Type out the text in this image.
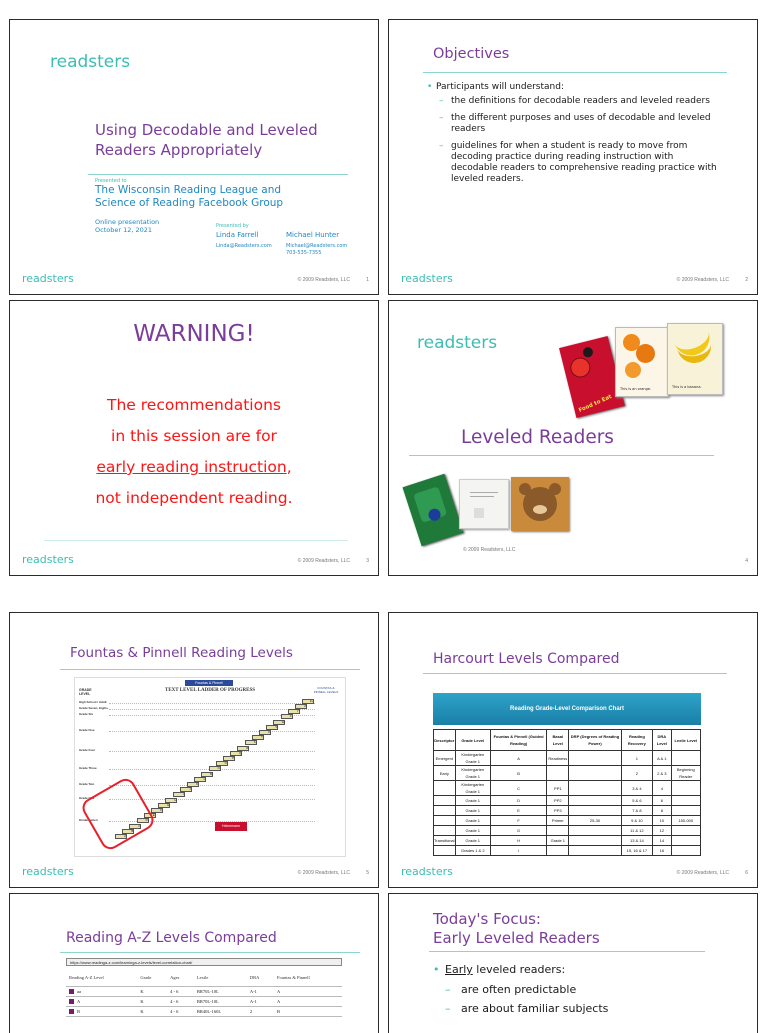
readsters
Using Decodable and Leveled
Readers Appropriately
Presented to
The Wisconsin Reading League and
Science of Reading Facebook Group
Online presentation
October 12, 2021	Presented by
Linda Farrell
Linda@Readsters.com
Michael Hunter
Michael@Readsters.com
703-535-7355
readsters	© 2009 Readsters, LLC	1
Objectives
• Participants will understand:
– the definitions for decodable readers and leveled readers
– the different purposes and uses of decodable and leveled readers
– guidelines for when a student is ready to move from decoding practice during reading instruction with decodable readers to comprehensive reading practice with leveled readers.
readsters	© 2009 Readsters, LLC	2
WARNING!
The recommendations
in this session are for
early reading instruction,
not independent reading.
readsters	© 2009 Readsters, LLC	3
readsters
Food to Eat
This is an orange.	This is a banana.
Leveled Readers
© 2009 Readsters, LLC
4
Fountas & Pinnell Reading Levels
Fountas & Pinnell
TEXT LEVEL LADDER OF PROGRESS
GRADE LEVEL
FOUNTAS & PINNELL LEVELS
High School / Adult
Grade Seven, Eight+
Grade Six
Grade Five
Grade Four
Grade Three
Grade Two
Grade One
Kindergarten
A
B
C
D
E
F
G
H
I
J
K
L
M
N
O
P
Q
R
S
T
U
V
W
X
Y
Z
Z+
Heinemann
readsters	© 2009 Readsters, LLC	5
Harcourt Levels Compared
Reading Grade-Level Comparison Chart
Descriptor	Grade Level	Fountas & Pinnell (Guided Reading)	Basal Level	DRP (Degrees of Reading Power)	Reading Recovery	DRA Level	Lexile Level
Emergent	Kindergarten Grade 1	A	Readiness		1	A & 1	
Early	Kindergarten Grade 1	B			2	2 & 3	Beginning Reader
	Kindergarten Grade 1	C	PP1		3 & 4	4	
	Grade 1	D	PP2		5 & 6	6	
	Grade 1	E	PP3		7 & 8	8	
	Grade 1	F	Primer	25-30	9 & 10	10	150-000
	Grade 1	G			11 & 12	12	
Transitional	Grade 1	H	Grade 1		13 & 14	14	
	Grades 1 & 2	I			15, 16 & 17	16	
readsters	© 2009 Readsters, LLC	6
Reading A-Z Levels Compared
https://www.readinga-z.com/learninga-z-levels/level-correlation-chart/
Reading A-Z Level	Grade	Ages	Lexile	DRA	Fountas & Pinnell
aa	K	4 - 6	BR70L-10L	A-1	A
A	K	4 - 6	BR70L-10L	A-1	A
B	K	4 - 6	BR40L-160L	2	B
Today's Focus:
Early Leveled Readers
• Early leveled readers:
– are often predictable
– are about familiar subjects
